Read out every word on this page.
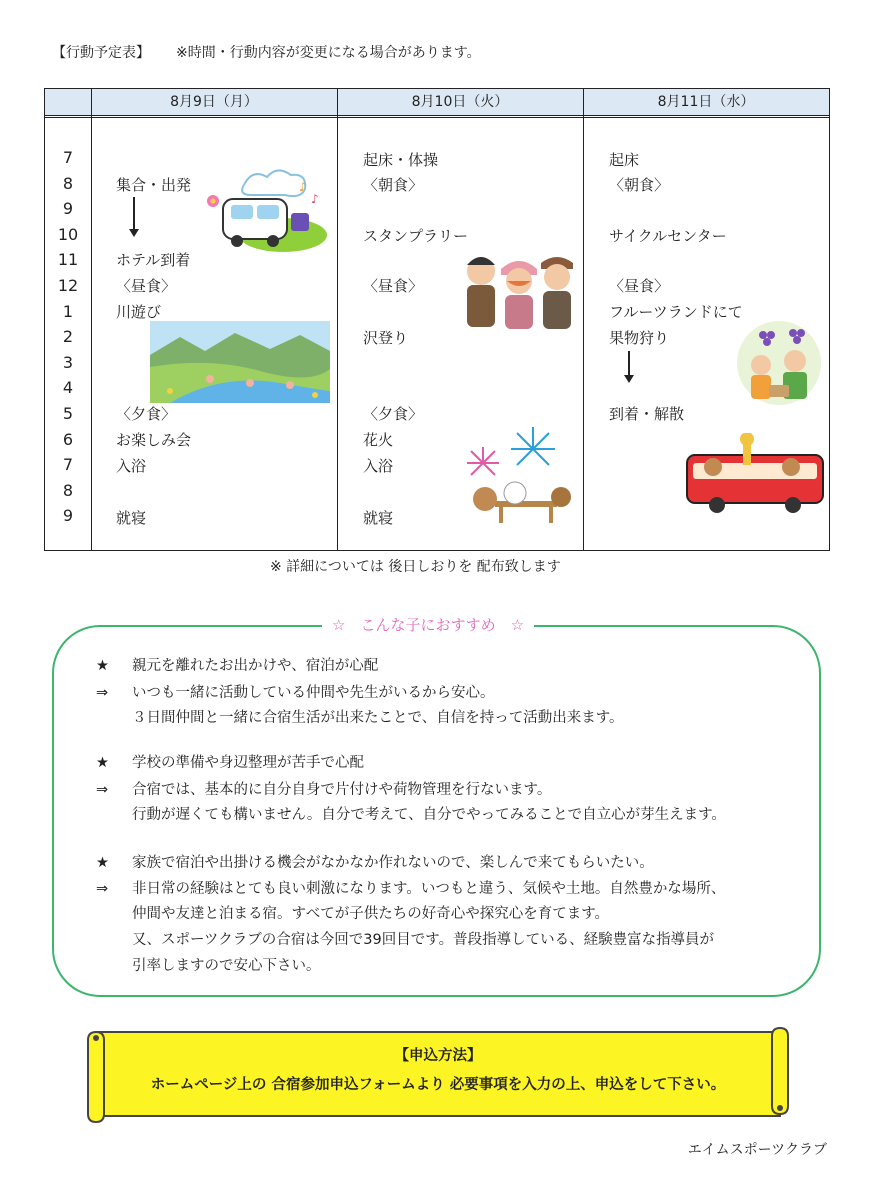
【行動予定表】 ※時間・行動内容が変更になる場合があります。
8月9日（月）	8月10日（火）	8月11日（水）
7
8
9
10
11
12
1
2
3
4
5
6
7
8
9
集合・出発
ホテル到着
〈昼食〉
川遊び
〈夕食〉
お楽しみ会
入浴
就寝
♪
♪
起床・体操
〈朝食〉
スタンプラリー
〈昼食〉
沢登り
〈夕食〉
花火
入浴
就寝
起床
〈朝食〉
サイクルセンター
〈昼食〉
フルーツランドにて
果物狩り
到着・解散
※ 詳細については 後日しおりを 配布致します
☆　こんな子におすすめ　☆
★ 親元を離れたお出かけや、宿泊が心配
⇒ いつも一緒に活動している仲間や先生がいるから安心。
３日間仲間と一緒に合宿生活が出来たことで、自信を持って活動出来ます。
★ 学校の準備や身辺整理が苦手で心配
⇒ 合宿では、基本的に自分自身で片付けや荷物管理を行ないます。
行動が遅くても構いません。自分で考えて、自分でやってみることで自立心が芽生えます。
★ 家族で宿泊や出掛ける機会がなかなか作れないので、楽しんで来てもらいたい。
⇒ 非日常の経験はとても良い刺激になります。いつもと違う、気候や土地。自然豊かな場所、
仲間や友達と泊まる宿。すべてが子供たちの好奇心や探究心を育てます。
又、スポーツクラブの合宿は今回で39回目です。普段指導している、経験豊富な指導員が
引率しますので安心下さい。
【申込方法】
ホームページ上の 合宿参加申込フォームより 必要事項を入力の上、申込をして下さい。
エイムスポーツクラブ
